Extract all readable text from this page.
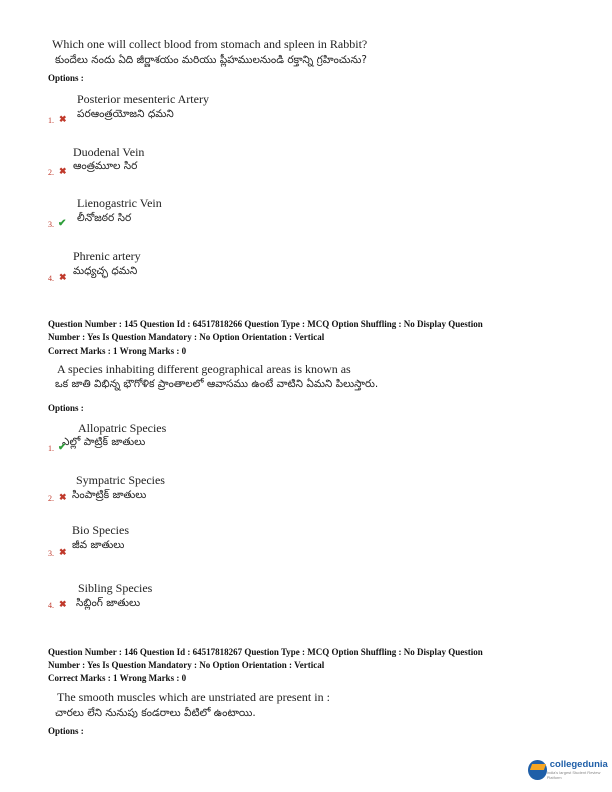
Which one will collect blood from stomach and spleen in Rabbit?
కుందేలు నందు ఏది జీర్ణాశయం మరియు ప్లీహములనుండి రక్తాన్ని గ్రహించును?
Options :
Posterior mesenteric Artery
పరఆంత్రయోజని ధమని
1. ✖
Duodenal Vein
ఆంత్రమూల సిర
2. ✖
Lienogastric Vein
లీనోజఠర సిర
3. ✔
Phrenic artery
మధ్యచ్ఛ ధమని
4. ✖
Question Number : 145 Question Id : 64517818266 Question Type : MCQ Option Shuffling : No Display Question
Number : Yes Is Question Mandatory : No Option Orientation : Vertical
Correct Marks : 1 Wrong Marks : 0
A species inhabiting different geographical areas is known as
ఒక జాతి విభిన్న భౌగోళిక ప్రాంతాలలో ఆవాసము ఉంటే వాటిని ఏమని పిలుస్తారు.
Options :
Allopatric Species
ఎల్లో పాట్రిక్ జాతులు
1. ✔
Sympatric Species
సింపాట్రిక్ జాతులు
2. ✖
Bio Species
జీవ జాతులు
3. ✖
Sibling Species
సిబ్లింగ్ జాతులు
4. ✖
Question Number : 146 Question Id : 64517818267 Question Type : MCQ Option Shuffling : No Display Question
Number : Yes Is Question Mandatory : No Option Orientation : Vertical
Correct Marks : 1 Wrong Marks : 0
The smooth muscles which are unstriated are present in :
చారలు లేని నునుపు కండరాలు వీటిలో ఉంటాయి.
Options :
collegedunia
India's largest Student Review Platform
